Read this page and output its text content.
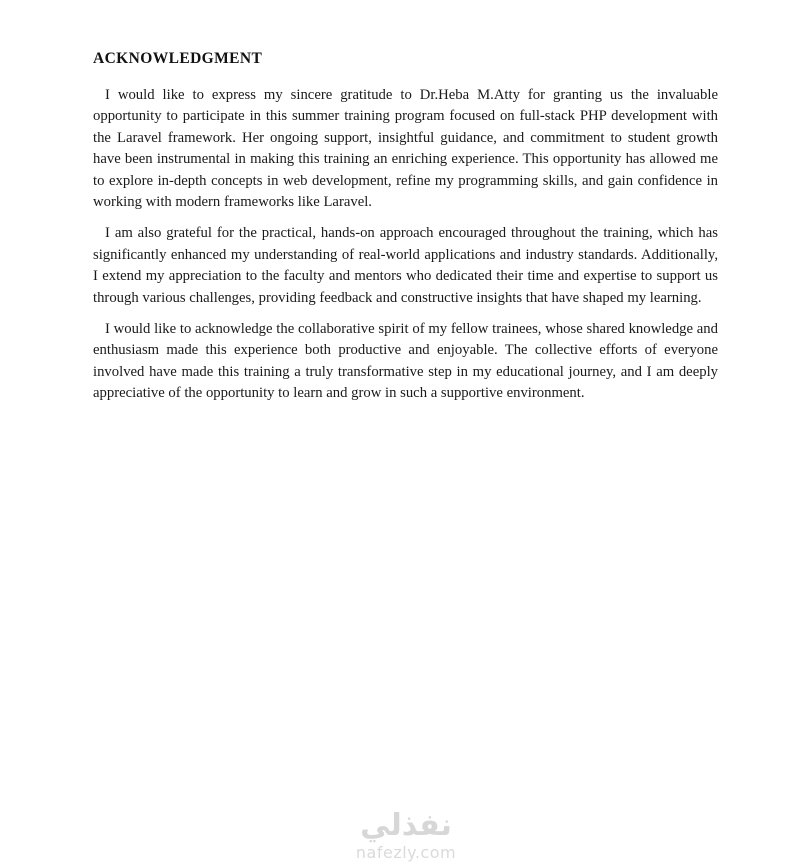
ACKNOWLEDGMENT

I would like to express my sincere gratitude to Dr.Heba M.Atty for granting us the invaluable opportunity to participate in this summer training program focused on full-stack PHP development with the Laravel framework. Her ongoing support, insightful guidance, and commitment to student growth have been instrumental in making this training an enriching experience. This opportunity has allowed me to explore in-depth concepts in web development, refine my programming skills, and gain confidence in working with modern frameworks like Laravel.

I am also grateful for the practical, hands-on approach encouraged throughout the training, which has significantly enhanced my understanding of real-world applications and industry standards. Additionally, I extend my appreciation to the faculty and mentors who dedicated their time and expertise to support us through various challenges, providing feedback and constructive insights that have shaped my learning.

I would like to acknowledge the collaborative spirit of my fellow trainees, whose shared knowledge and enthusiasm made this experience both productive and enjoyable. The collective efforts of everyone involved have made this training a truly transformative step in my educational journey, and I am deeply appreciative of the opportunity to learn and grow in such a supportive environment.

نفذلي
nafezly.com
